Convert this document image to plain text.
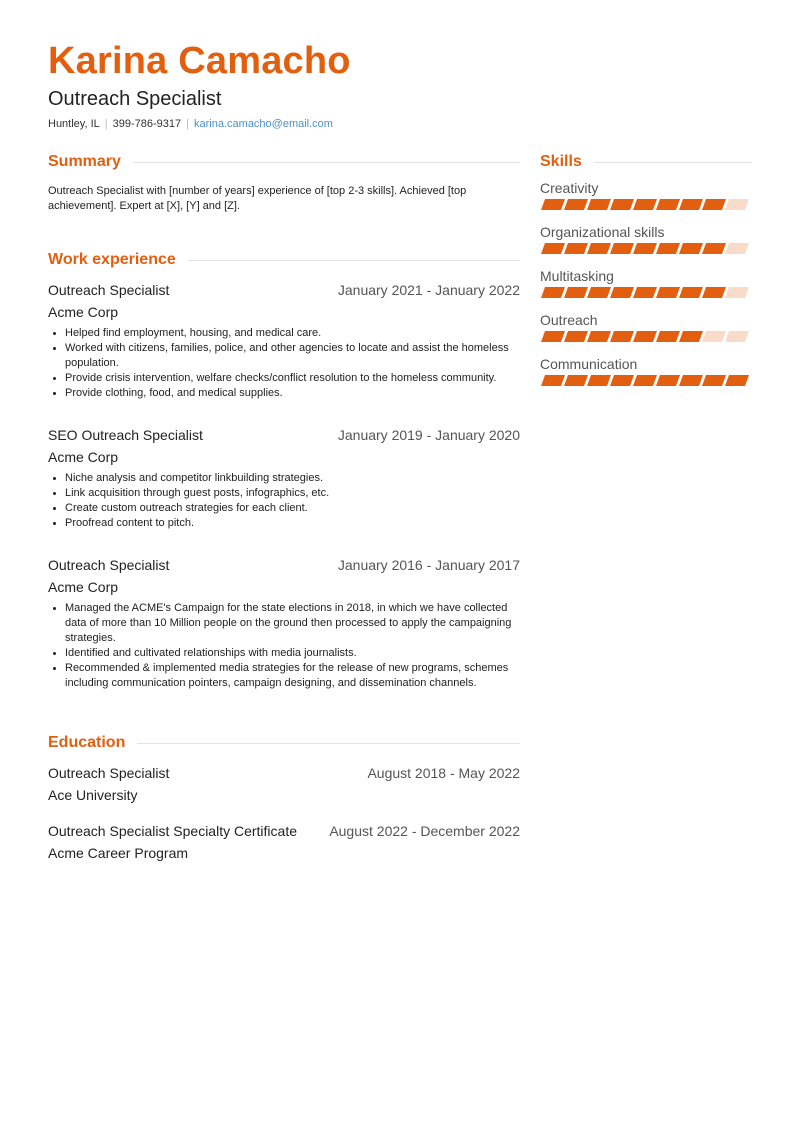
Karina Camacho
Outreach Specialist
Huntley, IL | 399-786-9317 | karina.camacho@email.com
Summary

Outreach Specialist with [number of years] experience of [top 2-3 skills]. Achieved [top achievement]. Expert at [X], [Y] and [Z].

Work experience
Outreach Specialist	January 2021 - January 2022
Acme Corp
• Helped find employment, housing, and medical care.
• Worked with citizens, families, police, and other agencies to locate and assist the homeless population.
• Provide crisis intervention, welfare checks/conflict resolution to the homeless community.
• Provide clothing, food, and medical supplies.
SEO Outreach Specialist	January 2019 - January 2020
Acme Corp
• Niche analysis and competitor linkbuilding strategies.
• Link acquisition through guest posts, infographics, etc.
• Create custom outreach strategies for each client.
• Proofread content to pitch.
Outreach Specialist	January 2016 - January 2017
Acme Corp
• Managed the ACME's Campaign for the state elections in 2018, in which we have collected data of more than 10 Million people on the ground then processed to apply the campaigning strategies.
• Identified and cultivated relationships with media journalists.
• Recommended & implemented media strategies for the release of new programs, schemes including communication pointers, campaign designing, and dissemination channels.
Education
Outreach Specialist	August 2018 - May 2022
Ace University
Outreach Specialist Specialty Certificate August 2022 - December 2022
Acme Career Program
Skills
Creativity
Organizational skills
Multitasking
Outreach
Communication
